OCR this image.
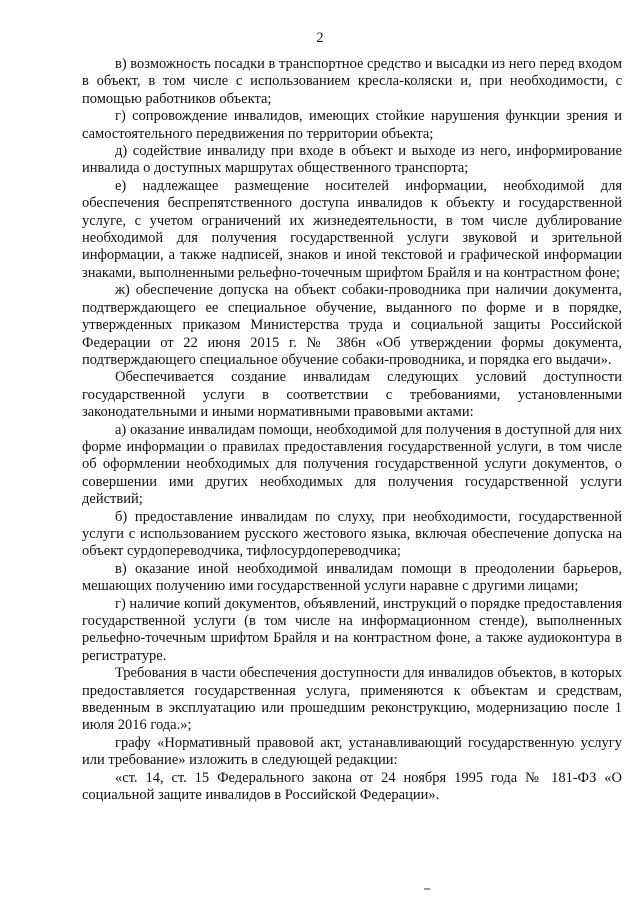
2

в) возможность посадки в транспортное средство и высадки из него перед входом в объект, в том числе с использованием кресла-коляски и, при необходимости, с помощью работников объекта;

г) сопровождение инвалидов, имеющих стойкие нарушения функции зрения и самостоятельного передвижения по территории объекта;

д) содействие инвалиду при входе в объект и выходе из него, информирование инвалида о доступных маршрутах общественного транспорта;

е) надлежащее размещение носителей информации, необходимой для обеспечения беспрепятственного доступа инвалидов к объекту и государственной услуге, с учетом ограничений их жизнедеятельности, в том числе дублирование необходимой для получения государственной услуги звуковой и зрительной информации, а также надписей, знаков и иной текстовой и графической информации знаками, выполненными рельефно-точечным шрифтом Брайля и на контрастном фоне;

ж) обеспечение допуска на объект собаки-проводника при наличии документа, подтверждающего ее специальное обучение, выданного по форме и в порядке, утвержденных приказом Министерства труда и социальной защиты Российской Федерации от 22 июня 2015 г. № 386н «Об утверждении формы документа, подтверждающего специальное обучение собаки-проводника, и порядка его выдачи».

Обеспечивается создание инвалидам следующих условий доступности государственной услуги в соответствии с требованиями, установленными законодательными и иными нормативными правовыми актами:

а) оказание инвалидам помощи, необходимой для получения в доступной для них форме информации о правилах предоставления государственной услуги, в том числе об оформлении необходимых для получения государственной услуги документов, о совершении ими других необходимых для получения государственной услуги действий;

б) предоставление инвалидам по слуху, при необходимости, государственной услуги с использованием русского жестового языка, включая обеспечение допуска на объект сурдопереводчика, тифлосурдопереводчика;

в) оказание иной необходимой инвалидам помощи в преодолении барьеров, мешающих получению ими государственной услуги наравне с другими лицами;

г) наличие копий документов, объявлений, инструкций о порядке предоставления государственной услуги (в том числе на информационном стенде), выполненных рельефно-точечным шрифтом Брайля и на контрастном фоне, а также аудиоконтура в регистратуре.

Требования в части обеспечения доступности для инвалидов объектов, в которых предоставляется государственная услуга, применяются к объектам и средствам, введенным в эксплуатацию или прошедшим реконструкцию, модернизацию после 1 июля 2016 года.»;

графу «Нормативный правовой акт, устанавливающий государственную услугу или требование» изложить в следующей редакции:

«ст. 14, ст. 15 Федерального закона от 24 ноября 1995 года № 181-ФЗ «О социальной защите инвалидов в Российской Федерации».
